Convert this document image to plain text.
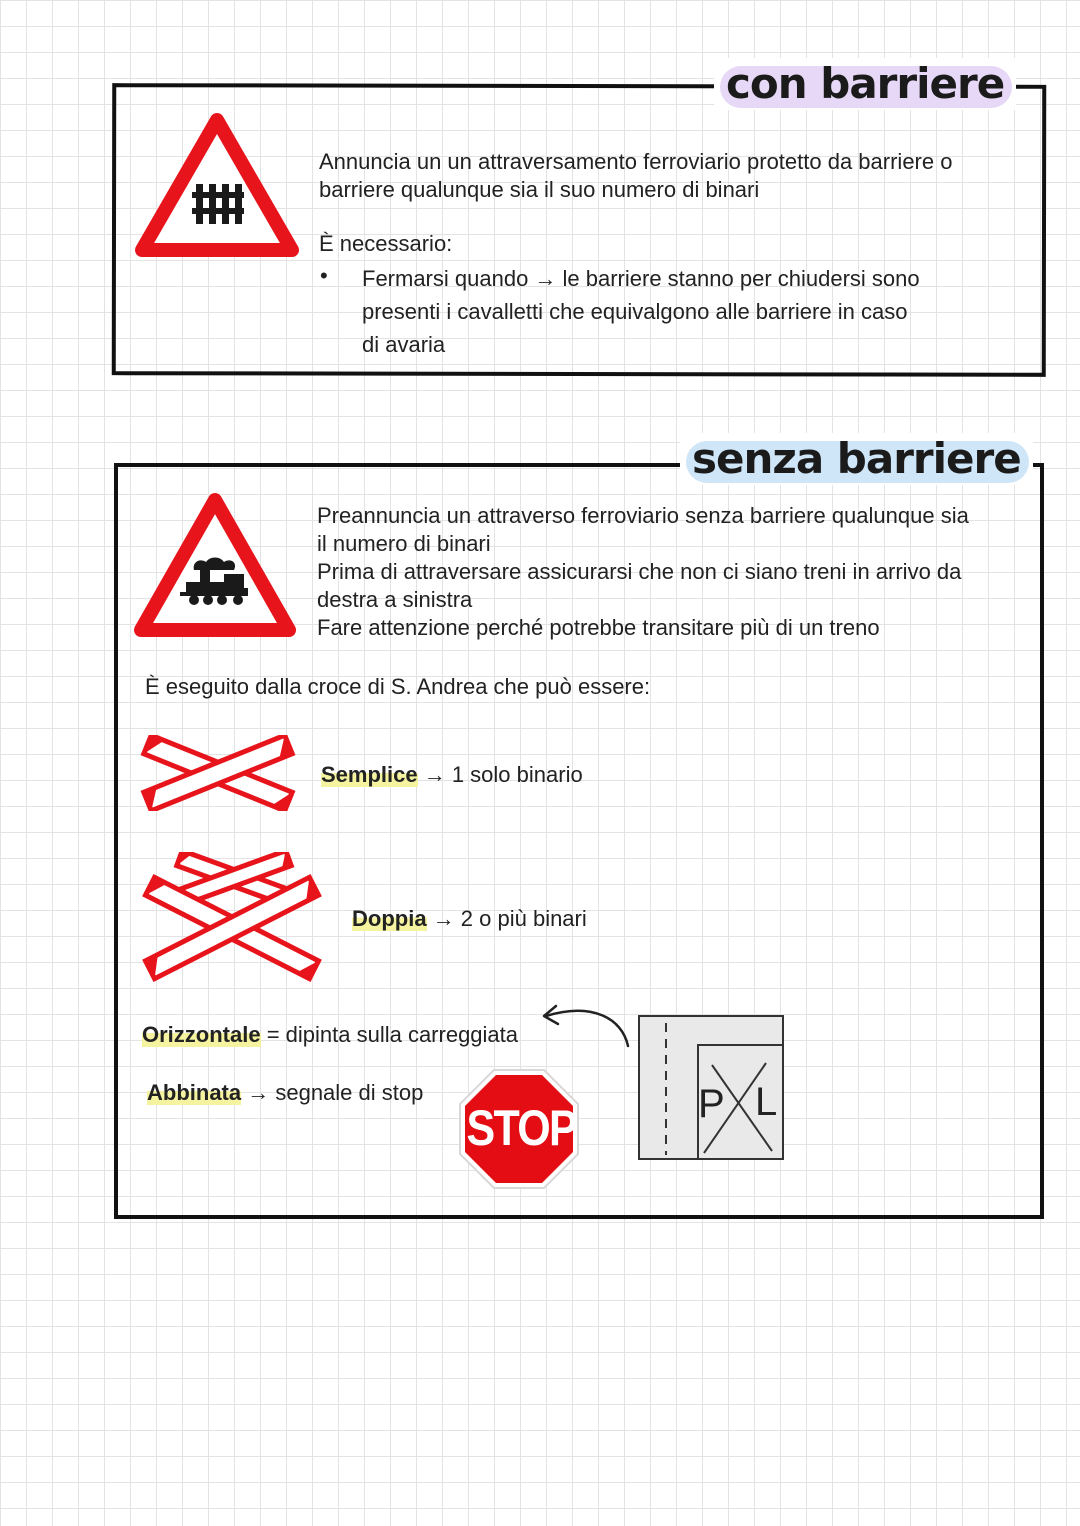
con barriere

Annuncia un un attraversamento ferroviario protetto da barriere o

barriere qualunque sia il suo numero di binari

È necessario:
• Fermarsi quando → le barriere stanno per chiudersi sono

presenti i cavalletti che equivalgono alle barriere in caso

di avaria

senza barriere

Preannuncia un attraverso ferroviario senza barriere qualunque sia

il numero di binari

Prima di attraversare assicurarsi che non ci siano treni in arrivo da

destra a sinistra

Fare attenzione perché potrebbe transitare più di un treno

È eseguito dalla croce di S. Andrea che può essere:
Semplice → 1 solo binario
Doppia → 2 o più binari
Orizzontale = dipinta sulla carreggiata
P L
Abbinata → segnale di stop
STOP
